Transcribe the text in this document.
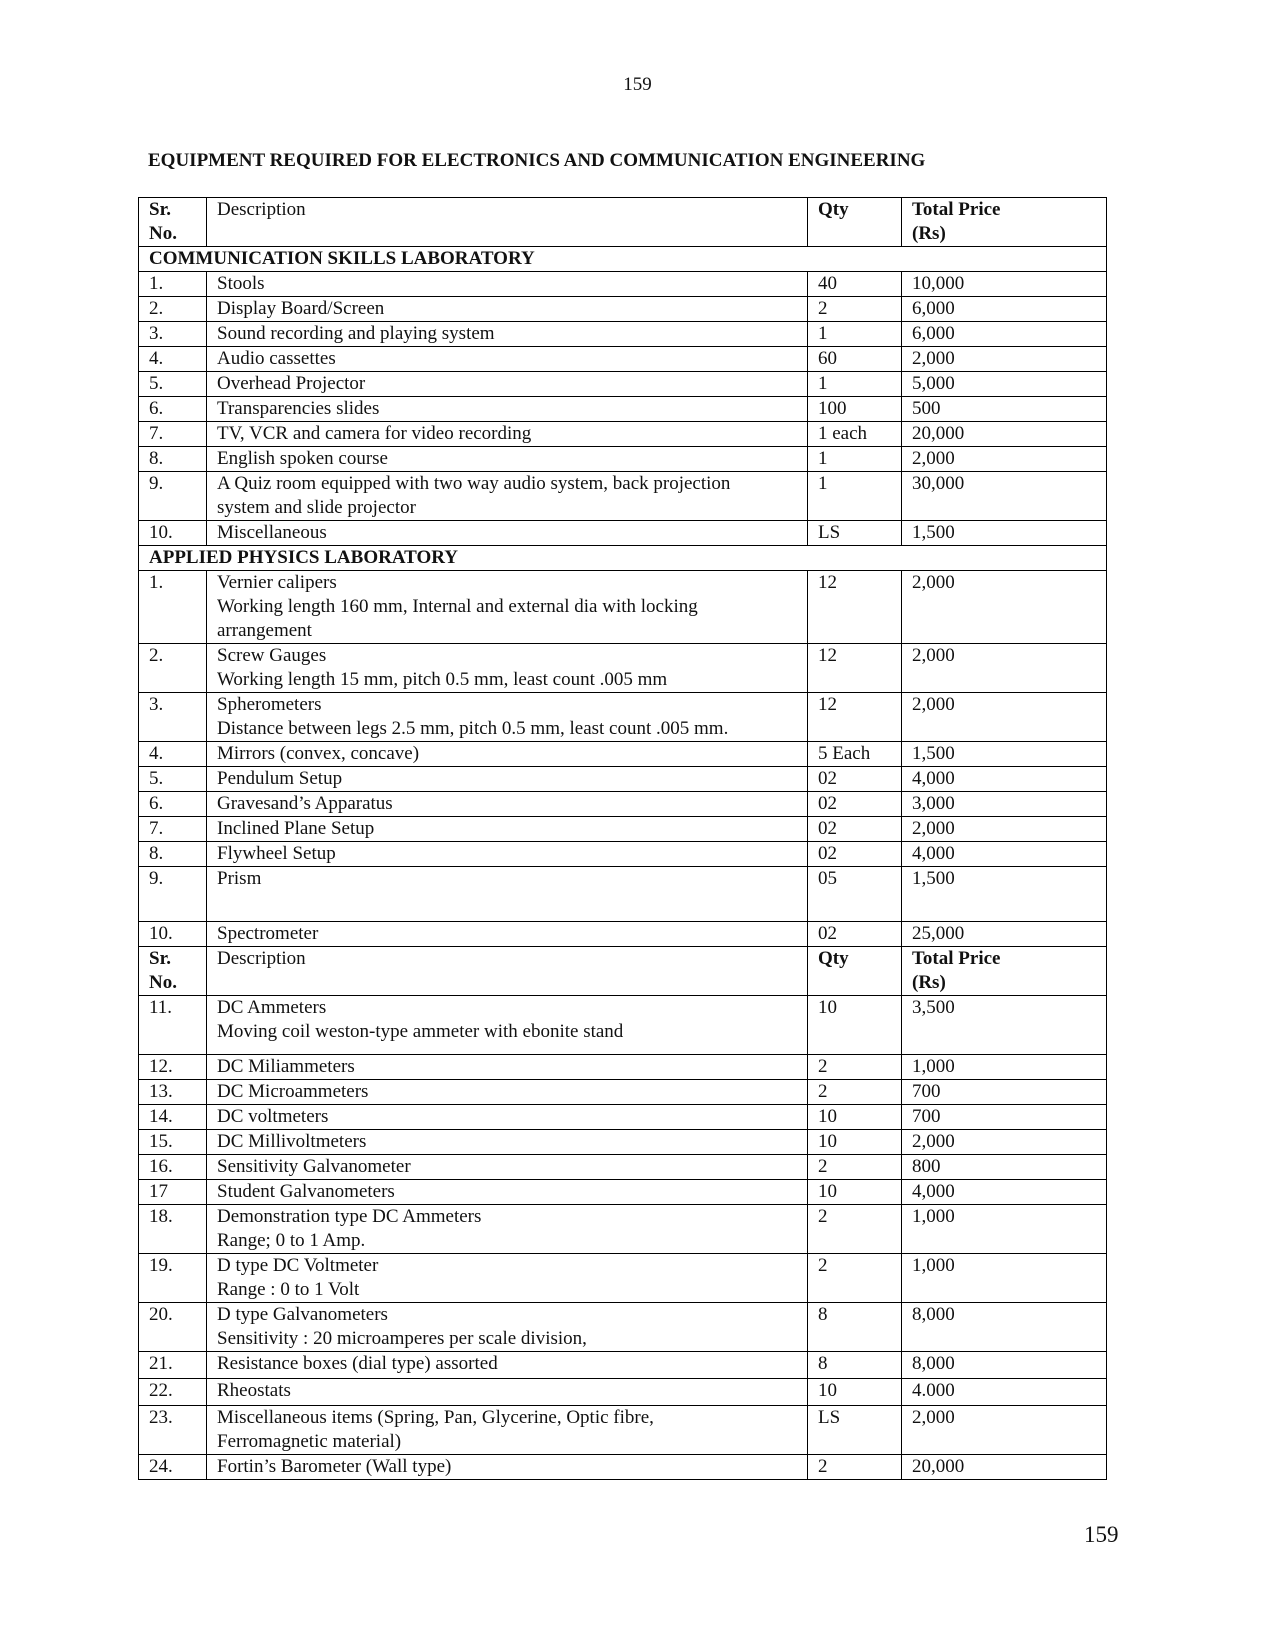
159
EQUIPMENT REQUIRED FOR ELECTRONICS AND COMMUNICATION ENGINEERING
Sr.
No.	Description	Qty	Total Price
(Rs)

COMMUNICATION SKILLS LABORATORY			

1.	Stools	40	10,000

2.	Display Board/Screen	2	6,000

3.	Sound recording and playing system	1	6,000

4.	Audio cassettes	60	2,000

5.	Overhead Projector	1	5,000

6.	Transparencies slides	100	500

7.	TV, VCR and camera for video recording	1 each	20,000

8.	English spoken course	1	2,000

9.	A Quiz room equipped with two way audio system, back projection
system and slide projector	1	30,000

10.	Miscellaneous	LS	1,500

APPLIED PHYSICS LABORATORY			

1.	Vernier calipers
Working length 160 mm, Internal and external dia with locking
arrangement	12	2,000

2.	Screw Gauges
Working length 15 mm, pitch 0.5 mm, least count .005 mm	12	2,000

3.	Spherometers
Distance between legs 2.5 mm, pitch 0.5 mm, least count .005 mm.	12	2,000

4.	Mirrors (convex, concave)	5 Each	1,500

5.	Pendulum Setup	02	4,000

6.	Gravesand’s Apparatus	02	3,000

7.	Inclined Plane Setup	02	2,000

8.	Flywheel Setup	02	4,000

9.	Prism	05	1,500

10.	Spectrometer	02	25,000

Sr.
No.	Description	Qty	Total Price
(Rs)

11.	DC Ammeters
Moving coil weston-type ammeter with ebonite stand	10	3,500

12.	DC Miliammeters	2	1,000

13.	DC Microammeters	2	700

14.	DC voltmeters	10	700

15.	DC Millivoltmeters	10	2,000

16.	Sensitivity Galvanometer	2	800

17	Student Galvanometers	10	4,000

18.	Demonstration type DC Ammeters
Range; 0 to 1 Amp.	2	1,000

19.	D type DC Voltmeter
Range : 0 to 1 Volt	2	1,000

20.	D type Galvanometers
Sensitivity : 20 microamperes per scale division,	8	8,000

21.	Resistance boxes (dial type) assorted	8	8,000

22.	Rheostats	10	4.000

23.	Miscellaneous items (Spring, Pan, Glycerine, Optic fibre,
Ferromagnetic material)	LS	2,000

24.	Fortin’s Barometer (Wall type)	2	20,000
159
